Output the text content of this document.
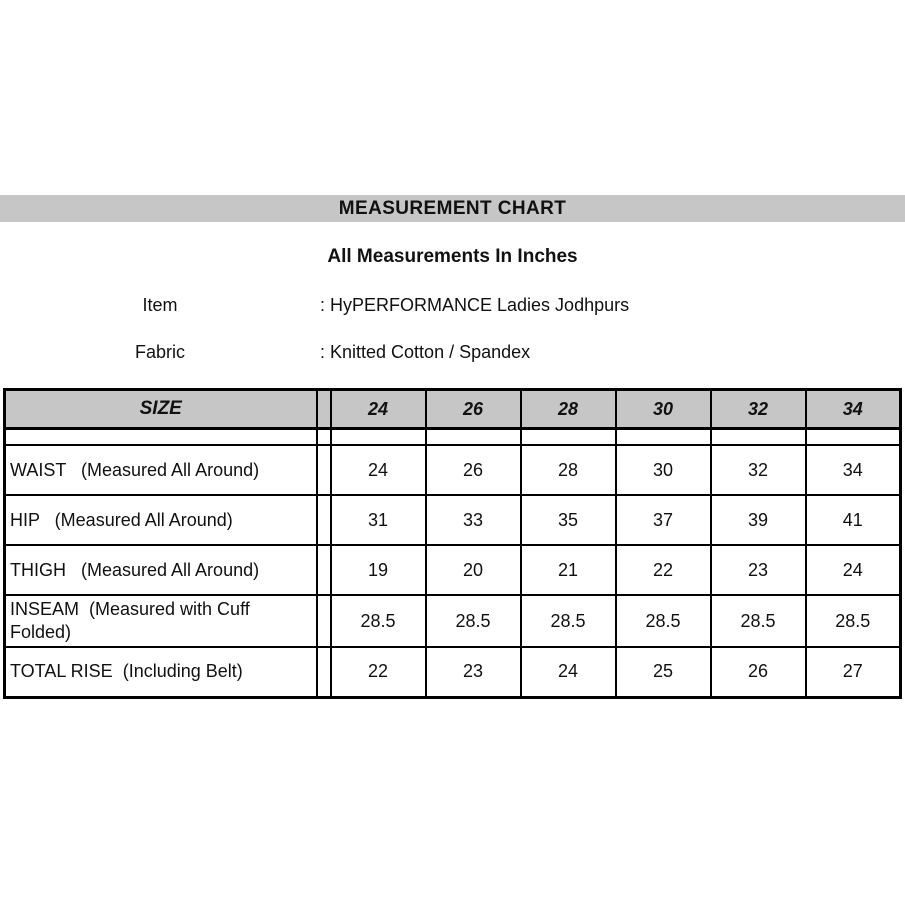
MEASUREMENT CHART
All Measurements In Inches
Item	: HyPERFORMANCE Ladies Jodhpurs
Fabric	: Knitted Cotton / Spandex
SIZE		24	26	28	30	32	34

WAIST   (Measured All Around)		24	26	28	30	32	34
HIP   (Measured All Around)		31	33	35	37	39	41
THIGH   (Measured All Around)		19	20	21	22	23	24
INSEAM  (Measured with Cuff Folded)		28.5	28.5	28.5	28.5	28.5	28.5
TOTAL RISE  (Including Belt)		22	23	24	25	26	27
